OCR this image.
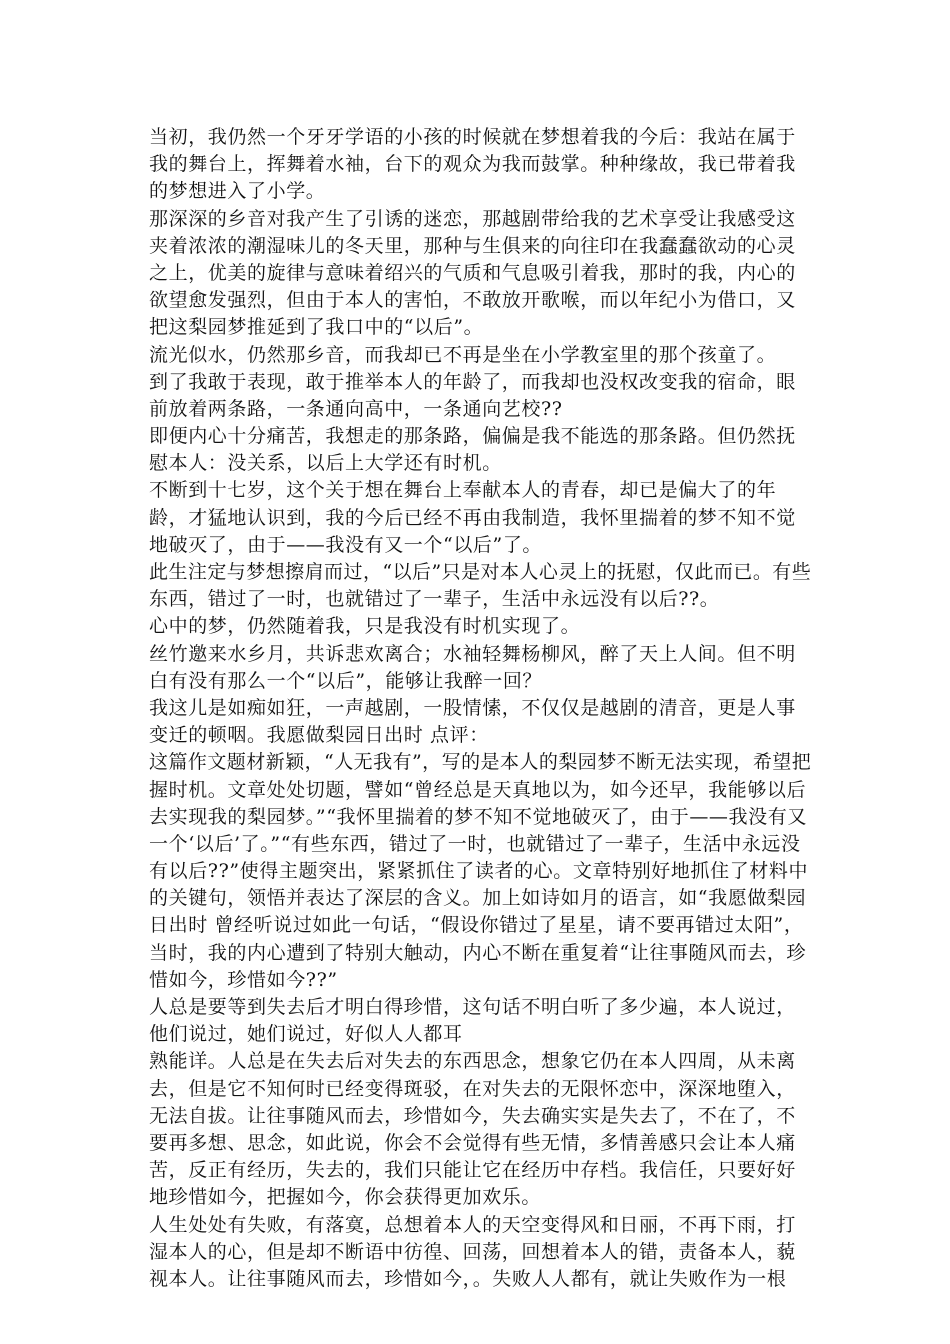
当初，我仍然一个牙牙学语的小孩的时候就在梦想着我的今后：我站在属于
我的舞台上，挥舞着水袖，台下的观众为我而鼓掌。种种缘故，我已带着我
的梦想进入了小学。
那深深的乡音对我产生了引诱的迷恋，那越剧带给我的艺术享受让我感受这
夹着浓浓的潮湿味儿的冬天里，那种与生俱来的向往印在我蠢蠢欲动的心灵
之上，优美的旋律与意味着绍兴的气质和气息吸引着我，那时的我，内心的
欲望愈发强烈，但由于本人的害怕，不敢放开歌喉，而以年纪小为借口，又
把这梨园梦推延到了我口中的“以后”。
流光似水，仍然那乡音，而我却已不再是坐在小学教室里的那个孩童了。
到了我敢于表现，敢于推举本人的年龄了，而我却也没权改变我的宿命，眼
前放着两条路，一条通向高中，一条通向艺校??
即便内心十分痛苦，我想走的那条路，偏偏是我不能选的那条路。但仍然抚
慰本人：没关系，以后上大学还有时机。
不断到十七岁，这个关于想在舞台上奉献本人的青春，却已是偏大了的年
龄，才猛地认识到，我的今后已经不再由我制造，我怀里揣着的梦不知不觉
地破灭了，由于——我没有又一个“以后”了。
此生注定与梦想擦肩而过，“以后”只是对本人心灵上的抚慰，仅此而已。有些
东西，错过了一时，也就错过了一辈子，生活中永远没有以后??。
心中的梦，仍然随着我，只是我没有时机实现了。
丝竹邀来水乡月，共诉悲欢离合；水袖轻舞杨柳风，醉了天上人间。但不明
白有没有那么一个“以后”，能够让我醉一回？
我这儿是如痴如狂，一声越剧，一股情愫，不仅仅是越剧的清音，更是人事
变迁的顿咽。我愿做梨园日出时 点评：
这篇作文题材新颖，“人无我有”，写的是本人的梨园梦不断无法实现，希望把
握时机。文章处处切题，譬如“曾经总是天真地以为，如今还早，我能够以后
去实现我的梨园梦。”“我怀里揣着的梦不知不觉地破灭了，由于——我没有又
一个‘以后’了。”“有些东西，错过了一时，也就错过了一辈子，生活中永远没
有以后??”使得主题突出，紧紧抓住了读者的心。文章特别好地抓住了材料中
的关键句，领悟并表达了深层的含义。加上如诗如月的语言，如“我愿做梨园
日出时 曾经听说过如此一句话，“假设你错过了星星，请不要再错过太阳”，
当时，我的内心遭到了特别大触动，内心不断在重复着“让往事随风而去，珍
惜如今，珍惜如今??”
人总是要等到失去后才明白得珍惜，这句话不明白听了多少遍，本人说过，
他们说过，她们说过，好似人人都耳
熟能详。人总是在失去后对失去的东西思念，想象它仍在本人四周，从未离
去，但是它不知何时已经变得斑驳，在对失去的无限怀恋中，深深地堕入，
无法自拔。让往事随风而去，珍惜如今，失去确实实是失去了，不在了，不
要再多想、思念，如此说，你会不会觉得有些无情，多情善感只会让本人痛
苦，反正有经历，失去的，我们只能让它在经历中存档。我信任，只要好好
地珍惜如今，把握如今，你会获得更加欢乐。
人生处处有失败，有落寞，总想着本人的天空变得风和日丽，不再下雨，打
湿本人的心，但是却不断语中彷徨、回荡，回想着本人的错，责备本人，藐
视本人。让往事随风而去，珍惜如今，。失败人人都有，就让失败作为一根
